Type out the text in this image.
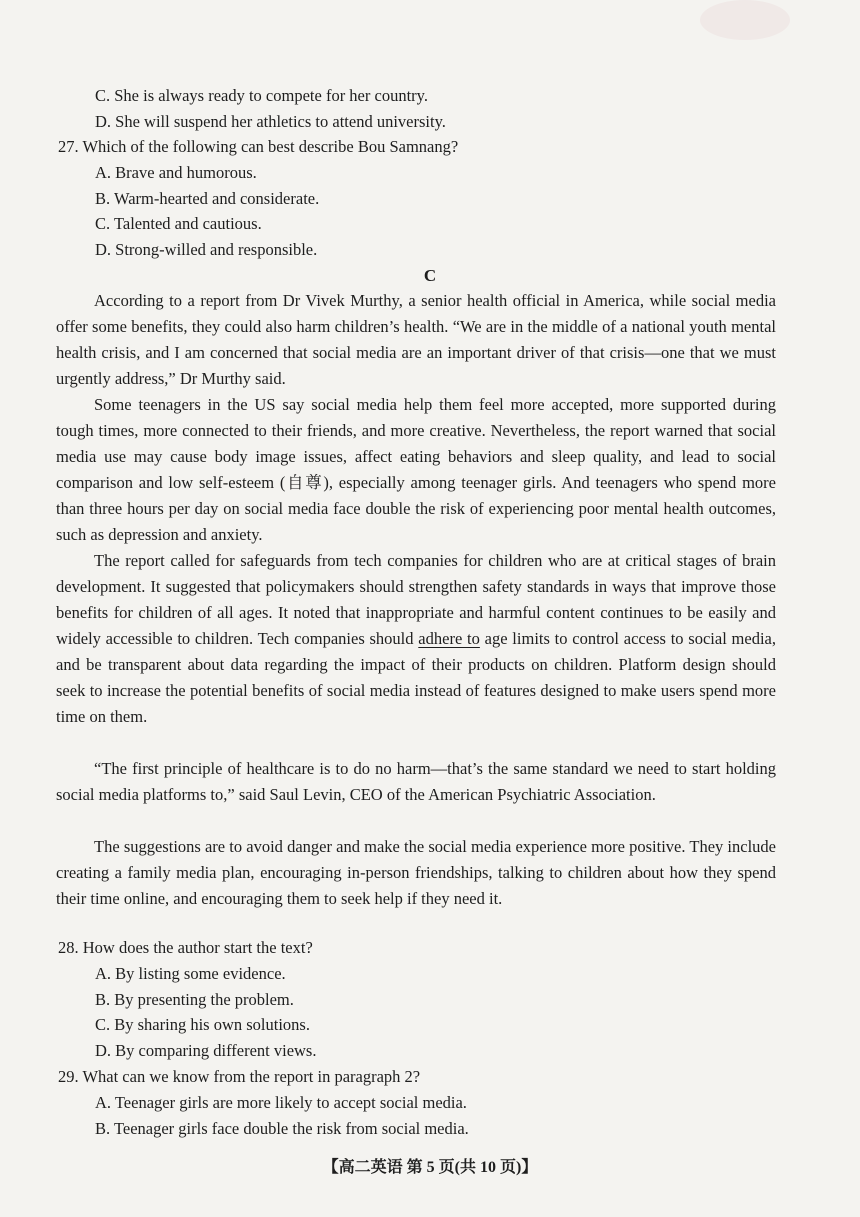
C. She is always ready to compete for her country.
D. She will suspend her athletics to attend university.
27. Which of the following can best describe Bou Samnang?
A. Brave and humorous.
B. Warm-hearted and considerate.
C. Talented and cautious.
D. Strong-willed and responsible.
C
According to a report from Dr Vivek Murthy, a senior health official in America, while social media offer some benefits, they could also harm children’s health. “We are in the middle of a national youth mental health crisis, and I am concerned that social media are an important driver of that crisis—one that we must urgently address,” Dr Murthy said.
Some teenagers in the US say social media help them feel more accepted, more supported during tough times, more connected to their friends, and more creative. Nevertheless, the report warned that social media use may cause body image issues, affect eating behaviors and sleep quality, and lead to social comparison and low self-esteem (自尊), especially among teenager girls. And teenagers who spend more than three hours per day on social media face double the risk of experiencing poor mental health outcomes, such as depression and anxiety.
The report called for safeguards from tech companies for children who are at critical stages of brain development. It suggested that policymakers should strengthen safety standards in ways that improve those benefits for children of all ages. It noted that inappropriate and harmful content continues to be easily and widely accessible to children. Tech companies should adhere to age limits to control access to social media, and be transparent about data regarding the impact of their products on children. Platform design should seek to increase the potential benefits of social media instead of features designed to make users spend more time on them.
“The first principle of healthcare is to do no harm—that’s the same standard we need to start holding social media platforms to,” said Saul Levin, CEO of the American Psychiatric Association.
The suggestions are to avoid danger and make the social media experience more positive. They include creating a family media plan, encouraging in-person friendships, talking to children about how they spend their time online, and encouraging them to seek help if they need it.
28. How does the author start the text?
A. By listing some evidence.
B. By presenting the problem.
C. By sharing his own solutions.
D. By comparing different views.
29. What can we know from the report in paragraph 2?
A. Teenager girls are more likely to accept social media.
B. Teenager girls face double the risk from social media.
【高二英语 第 5 页(共 10 页)】
